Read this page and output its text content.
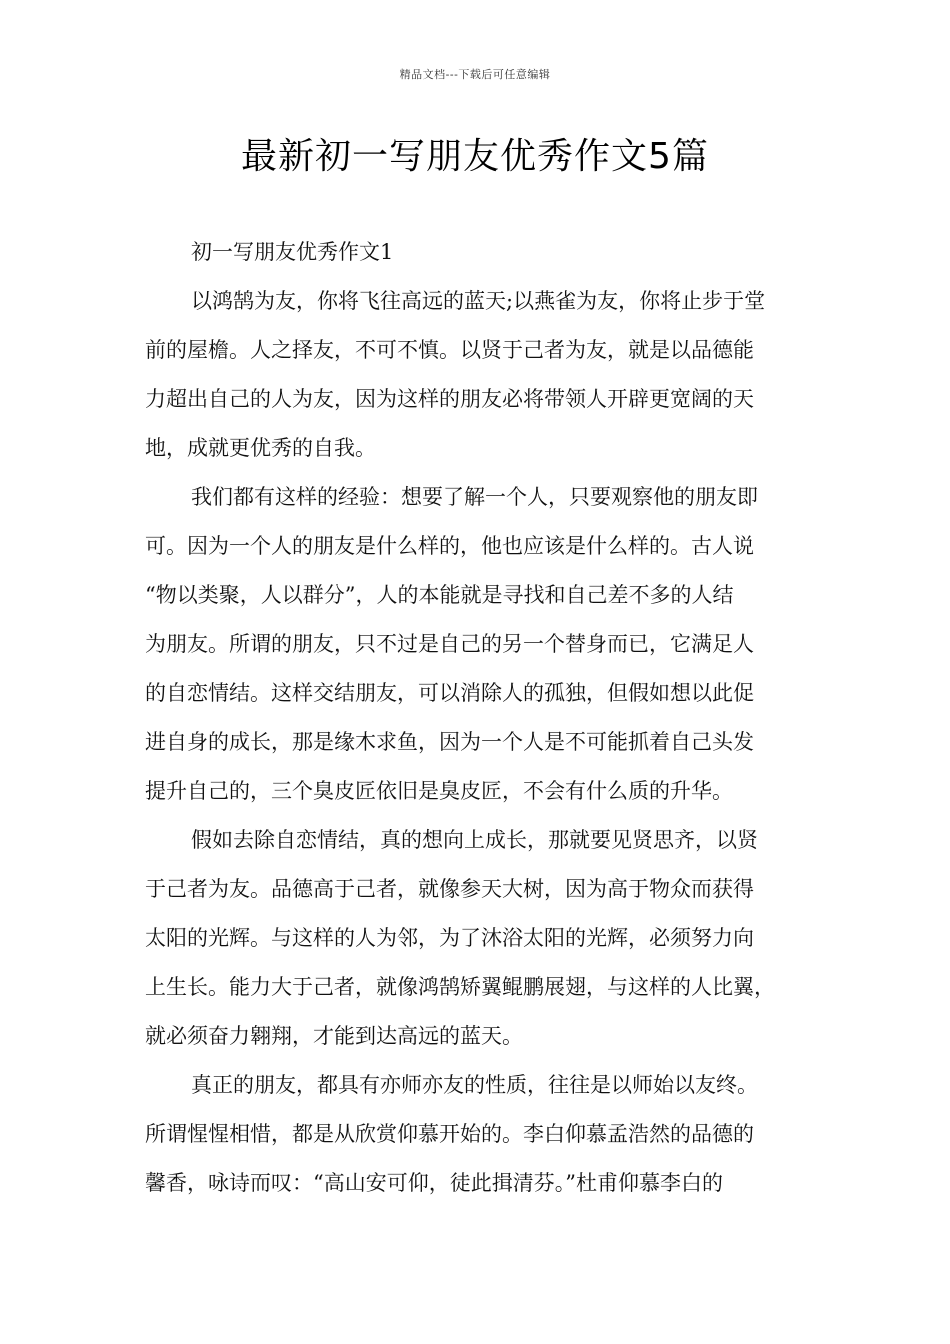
精品文档---下载后可任意编辑
最新初一写朋友优秀作文5篇
初一写朋友优秀作文1
以鸿鹄为友，你将飞往高远的蓝天;以燕雀为友，你将止步于堂
前的屋檐。人之择友，不可不慎。以贤于己者为友，就是以品德能
力超出自己的人为友，因为这样的朋友必将带领人开辟更宽阔的天
地，成就更优秀的自我。
我们都有这样的经验：想要了解一个人，只要观察他的朋友即
可。因为一个人的朋友是什么样的，他也应该是什么样的。古人说
“物以类聚，人以群分”，人的本能就是寻找和自己差不多的人结
为朋友。所谓的朋友，只不过是自己的另一个替身而已，它满足人
的自恋情结。这样交结朋友，可以消除人的孤独，但假如想以此促
进自身的成长，那是缘木求鱼，因为一个人是不可能抓着自己头发
提升自己的，三个臭皮匠依旧是臭皮匠，不会有什么质的升华。
假如去除自恋情结，真的想向上成长，那就要见贤思齐，以贤
于己者为友。品德高于己者，就像参天大树，因为高于物众而获得
太阳的光辉。与这样的人为邻，为了沐浴太阳的光辉，必须努力向
上生长。能力大于己者，就像鸿鹄矫翼鲲鹏展翅，与这样的人比翼，
就必须奋力翱翔，才能到达高远的蓝天。
真正的朋友，都具有亦师亦友的性质，往往是以师始以友终。
所谓惺惺相惜，都是从欣赏仰慕开始的。李白仰慕孟浩然的品德的
馨香，咏诗而叹：“高山安可仰，徒此揖清芬。”杜甫仰慕李白的
